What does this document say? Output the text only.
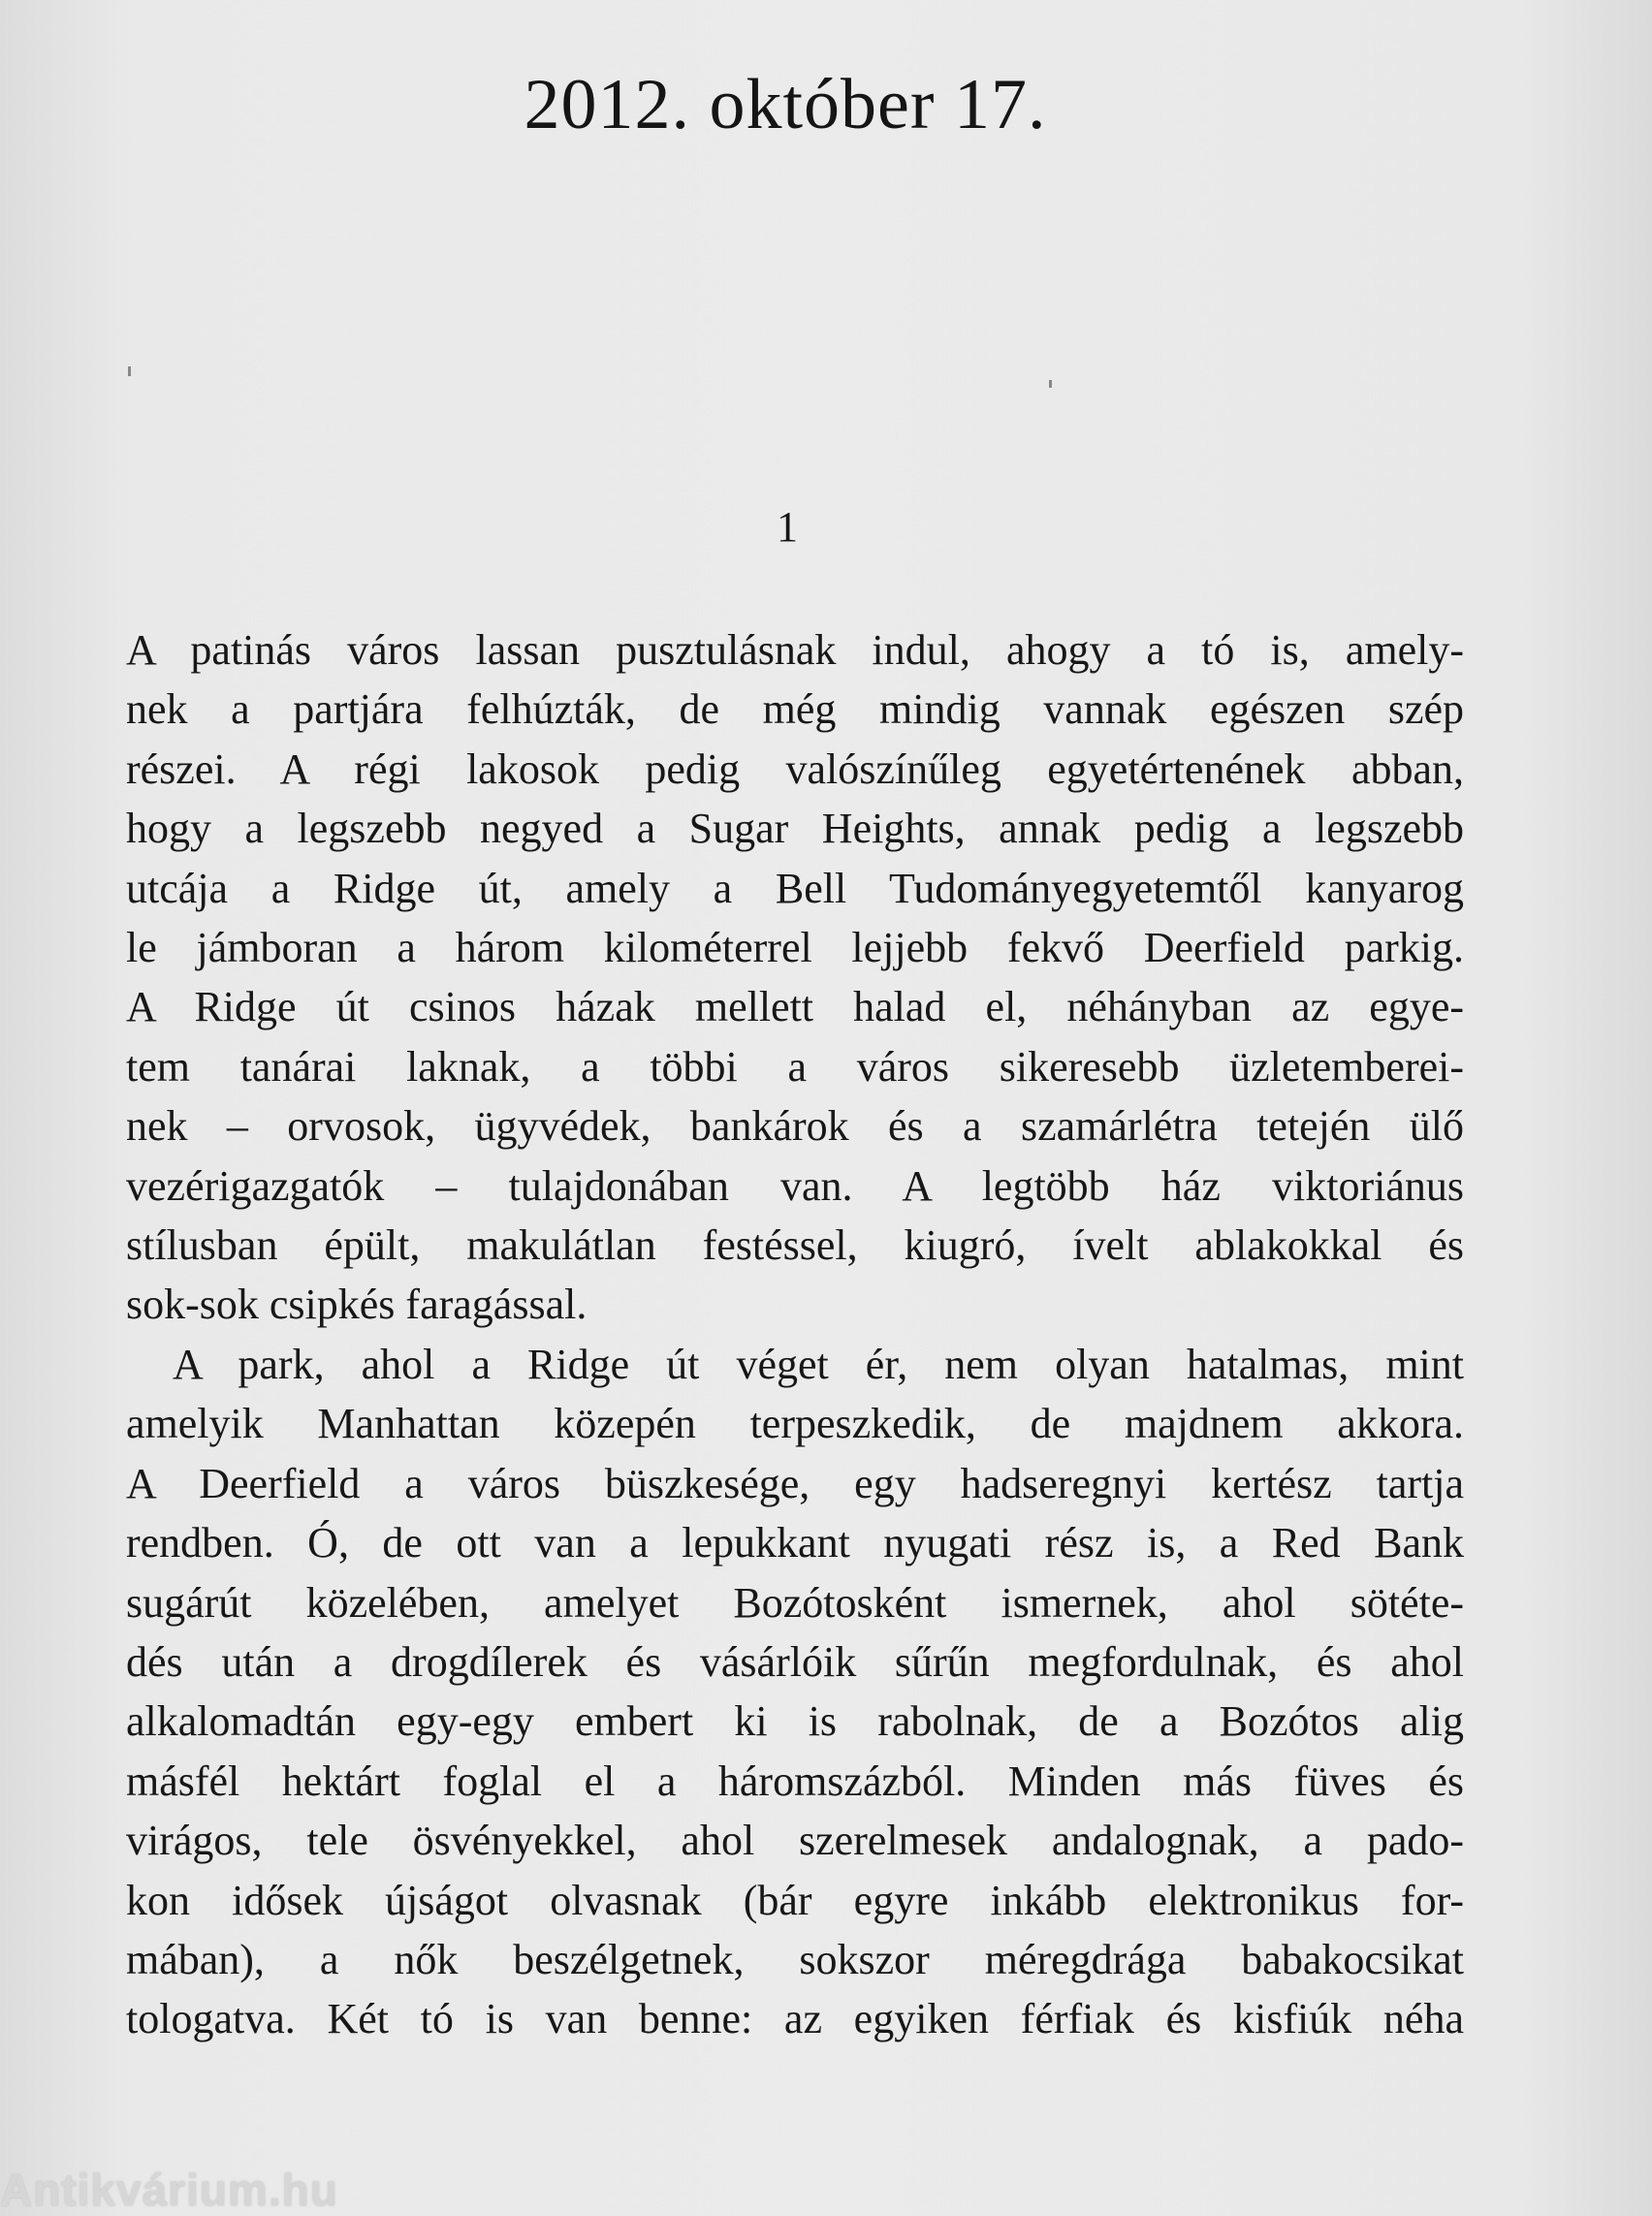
2012. október 17.
1
A patinás város lassan pusztulásnak indul, ahogy a tó is, amely-
nek a partjára felhúzták, de még mindig vannak egészen szép
részei. A régi lakosok pedig valószínűleg egyetértenének abban,
hogy a legszebb negyed a Sugar Heights, annak pedig a legszebb
utcája a Ridge út, amely a Bell Tudományegyetemtől kanyarog
le jámboran a három kilométerrel lejjebb fekvő Deerfield parkig.
A Ridge út csinos házak mellett halad el, néhányban az egye-
tem tanárai laknak, a többi a város sikeresebb üzletemberei-
nek – orvosok, ügyvédek, bankárok és a szamárlétra tetején ülő
vezérigazgatók – tulajdonában van. A legtöbb ház viktoriánus
stílusban épült, makulátlan festéssel, kiugró, ívelt ablakokkal és
sok-sok csipkés faragással.
A park, ahol a Ridge út véget ér, nem olyan hatalmas, mint
amelyik Manhattan közepén terpeszkedik, de majdnem akkora.
A Deerfield a város büszkesége, egy hadseregnyi kertész tartja
rendben. Ó, de ott van a lepukkant nyugati rész is, a Red Bank
sugárút közelében, amelyet Bozótosként ismernek, ahol sötéte-
dés után a drogdílerek és vásárlóik sűrűn megfordulnak, és ahol
alkalomadtán egy-egy embert ki is rabolnak, de a Bozótos alig
másfél hektárt foglal el a háromszázból. Minden más füves és
virágos, tele ösvényekkel, ahol szerelmesek andalognak, a pado-
kon idősek újságot olvasnak (bár egyre inkább elektronikus for-
mában), a nők beszélgetnek, sokszor méregdrága babakocsikat
tologatva. Két tó is van benne: az egyiken férfiak és kisfiúk néha
Antikvárium.hu
